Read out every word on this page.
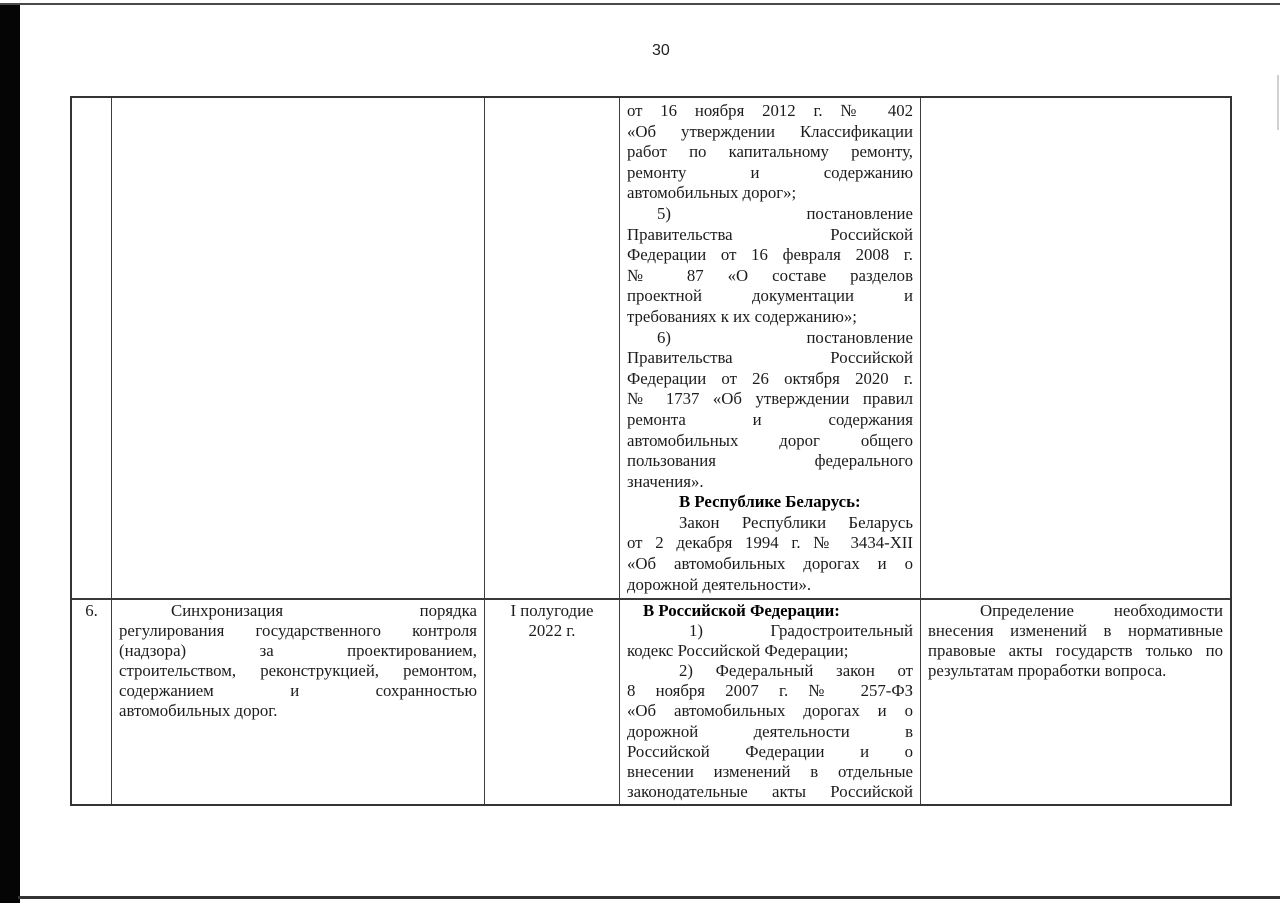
30
от 16 ноября 2012 г. № 402
«Об утверждении Классификации
работ по капитальному ремонту,
ремонту и содержанию
автомобильных дорог»;
5) постановление
Правительства Российской
Федерации от 16 февраля 2008 г.
№ 87 «О составе разделов
проектной документации и
требованиях к их содержанию»;
6) постановление
Правительства Российской
Федерации от 26 октября 2020 г.
№ 1737 «Об утверждении правил
ремонта и содержания
автомобильных дорог общего
пользования федерального
значения».
В Республике Беларусь:
Закон Республики Беларусь
от 2 декабря 1994 г. № 3434-XII
«Об автомобильных дорогах и о
дорожной деятельности».
6.	Синхронизация порядка
регулирования государственного контроля
(надзора) за проектированием,
строительством, реконструкцией, ремонтом,
содержанием и сохранностью
автомобильных дорог.
I полугодие
2022 г.
В Российской Федерации:
1) Градостроительный
кодекс Российской Федерации;
2) Федеральный закон от
8 ноября 2007 г. № 257-ФЗ
«Об автомобильных дорогах и о
дорожной деятельности в
Российской Федерации и о
внесении изменений в отдельные
законодательные акты Российской
Определение необходимости
внесения изменений в нормативные
правовые акты государств только по
результатам проработки вопроса.
